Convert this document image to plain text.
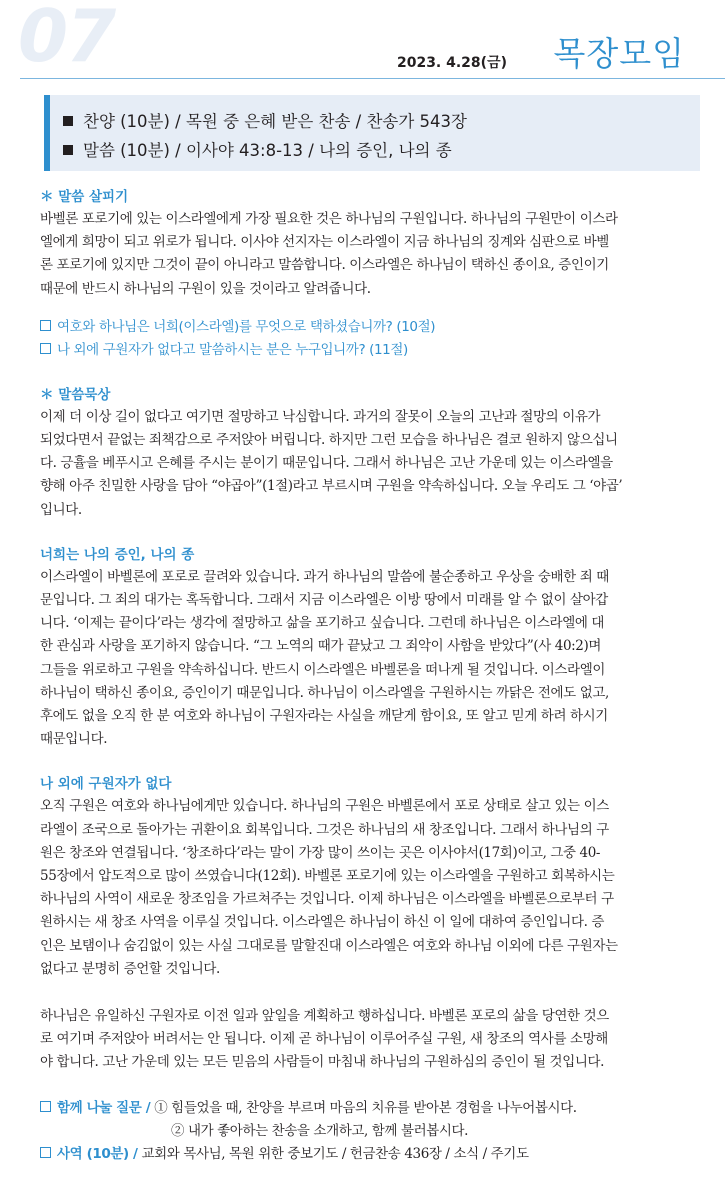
07	2023. 4.28(금) 목장모임
찬양 (10분) / 목원 중 은혜 받은 찬송 / 찬송가 543장
말씀 (10분) / 이사야 43:8-13 / 나의 증인, 나의 종
＊ 말씀 살피기
바벨론 포로기에 있는 이스라엘에게 가장 필요한 것은 하나님의 구원입니다. 하나님의 구원만이 이스라
엘에게 희망이 되고 위로가 됩니다. 이사야 선지자는 이스라엘이 지금 하나님의 징계와 심판으로 바벨
론 포로기에 있지만 그것이 끝이 아니라고 말씀합니다. 이스라엘은 하나님이 택하신 종이요, 증인이기
때문에 반드시 하나님의 구원이 있을 것이라고 알려줍니다.
여호와 하나님은 너희(이스라엘)를 무엇으로 택하셨습니까? (10절)
나 외에 구원자가 없다고 말씀하시는 분은 누구입니까? (11절)
＊ 말씀묵상
이제 더 이상 길이 없다고 여기면 절망하고 낙심합니다. 과거의 잘못이 오늘의 고난과 절망의 이유가
되었다면서 끝없는 죄책감으로 주저앉아 버립니다. 하지만 그런 모습을 하나님은 결코 원하지 않으십니
다. 긍휼을 베푸시고 은혜를 주시는 분이기 때문입니다. 그래서 하나님은 고난 가운데 있는 이스라엘을
향해 아주 친밀한 사랑을 담아 “야곱아”(1절)라고 부르시며 구원을 약속하십니다. 오늘 우리도 그 ‘야곱’
입니다.
너희는 나의 증인, 나의 종
이스라엘이 바벨론에 포로로 끌려와 있습니다. 과거 하나님의 말씀에 불순종하고 우상을 숭배한 죄 때
문입니다. 그 죄의 대가는 혹독합니다. 그래서 지금 이스라엘은 이방 땅에서 미래를 알 수 없이 살아갑
니다. ‘이제는 끝이다’라는 생각에 절망하고 삶을 포기하고 싶습니다. 그런데 하나님은 이스라엘에 대
한 관심과 사랑을 포기하지 않습니다. “그 노역의 때가 끝났고 그 죄악이 사함을 받았다”(사 40:2)며
그들을 위로하고 구원을 약속하십니다. 반드시 이스라엘은 바벨론을 떠나게 될 것입니다. 이스라엘이
하나님이 택하신 종이요, 증인이기 때문입니다. 하나님이 이스라엘을 구원하시는 까닭은 전에도 없고,
후에도 없을 오직 한 분 여호와 하나님이 구원자라는 사실을 깨닫게 함이요, 또 알고 믿게 하려 하시기
때문입니다.
나 외에 구원자가 없다
오직 구원은 여호와 하나님에게만 있습니다. 하나님의 구원은 바벨론에서 포로 상태로 살고 있는 이스
라엘이 조국으로 돌아가는 귀환이요 회복입니다. 그것은 하나님의 새 창조입니다. 그래서 하나님의 구
원은 창조와 연결됩니다. ‘창조하다’라는 말이 가장 많이 쓰이는 곳은 이사야서(17회)이고, 그중 40-
55장에서 압도적으로 많이 쓰였습니다(12회). 바벨론 포로기에 있는 이스라엘을 구원하고 회복하시는
하나님의 사역이 새로운 창조임을 가르쳐주는 것입니다. 이제 하나님은 이스라엘을 바벨론으로부터 구
원하시는 새 창조 사역을 이루실 것입니다. 이스라엘은 하나님이 하신 이 일에 대하여 증인입니다. 증
인은 보탬이나 숨김없이 있는 사실 그대로를 말할진대 이스라엘은 여호와 하나님 이외에 다른 구원자는
없다고 분명히 증언할 것입니다.
하나님은 유일하신 구원자로 이전 일과 앞일을 계획하고 행하십니다. 바벨론 포로의 삶을 당연한 것으
로 여기며 주저앉아 버려서는 안 됩니다. 이제 곧 하나님이 이루어주실 구원, 새 창조의 역사를 소망해
야 합니다. 고난 가운데 있는 모든 믿음의 사람들이 마침내 하나님의 구원하심의 증인이 될 것입니다.
함께 나눌 질문 / ① 힘들었을 때, 찬양을 부르며 마음의 치유를 받아본 경험을 나누어봅시다.
② 내가 좋아하는 찬송을 소개하고, 함께 불러봅시다.
사역 (10분) / 교회와 목사님, 목원 위한 중보기도 / 헌금찬송 436장 / 소식 / 주기도
